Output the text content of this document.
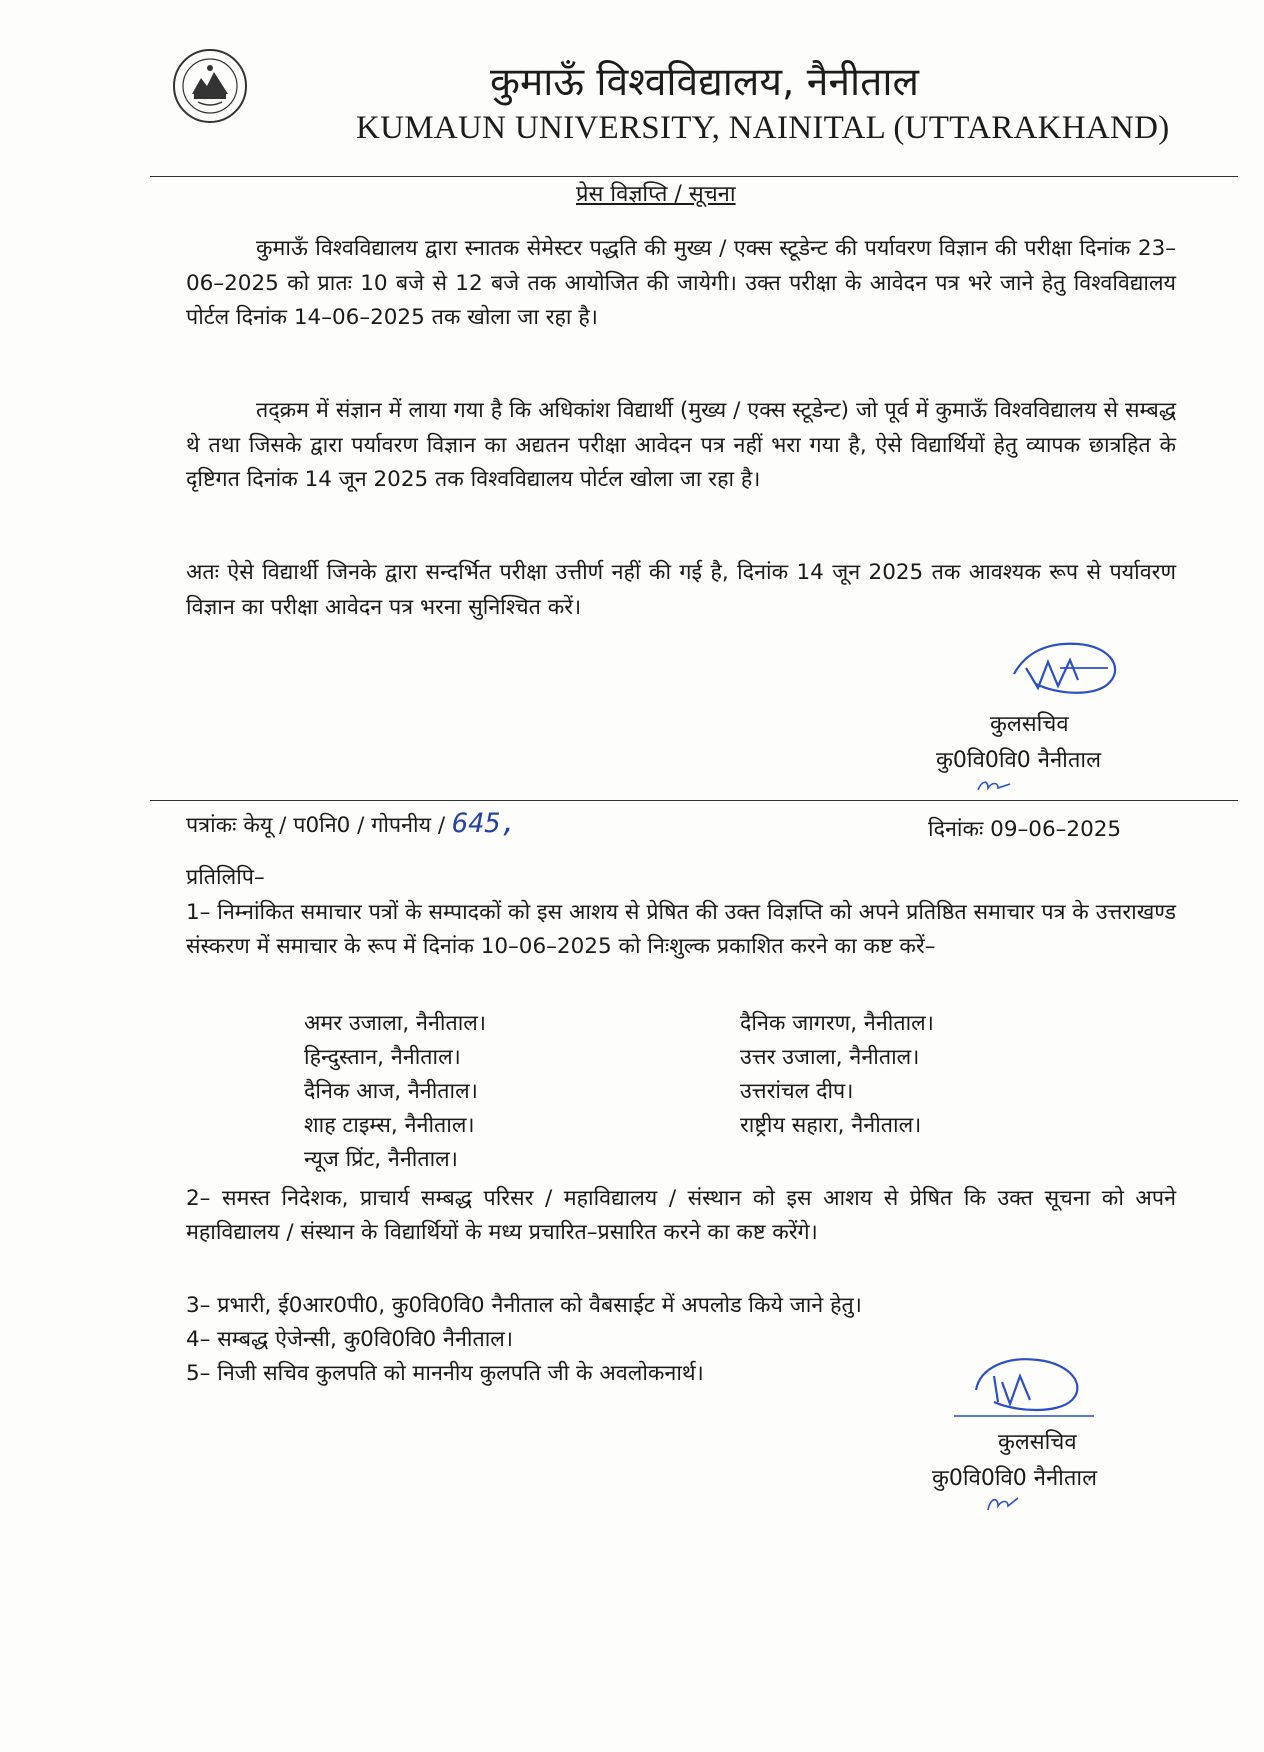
कुमाऊँ विश्वविद्यालय, नैनीताल
KUMAUN UNIVERSITY, NAINITAL (UTTARAKHAND)
प्रेस विज्ञप्ति / सूचना
कुमाऊँ विश्वविद्यालय द्वारा स्नातक सेमेस्टर पद्धति की मुख्य / एक्स स्टूडेन्ट की पर्यावरण विज्ञान की परीक्षा दिनांक 23–06–2025 को प्रातः 10 बजे से 12 बजे तक आयोजित की जायेगी। उक्त परीक्षा के आवेदन पत्र भरे जाने हेतु विश्वविद्यालय पोर्टल दिनांक 14–06–2025 तक खोला जा रहा है।
तद्क्रम में संज्ञान में लाया गया है कि अधिकांश विद्यार्थी (मुख्य / एक्स स्टूडेन्ट) जो पूर्व में कुमाऊँ विश्वविद्यालय से सम्बद्ध थे तथा जिसके द्वारा पर्यावरण विज्ञान का अद्यतन परीक्षा आवेदन पत्र नहीं भरा गया है, ऐसे विद्यार्थियों हेतु व्यापक छात्रहित के दृष्टिगत दिनांक 14 जून 2025 तक विश्वविद्यालय पोर्टल खोला जा रहा है।
अतः ऐसे विद्यार्थी जिनके द्वारा सन्दर्भित परीक्षा उत्तीर्ण नहीं की गई है, दिनांक 14 जून 2025 तक आवश्यक रूप से पर्यावरण विज्ञान का परीक्षा आवेदन पत्र भरना सुनिश्चित करें।
कुलसचिव
कु0वि0वि0 नैनीताल
पत्रांकः केयू / प0नि0 / गोपनीय / 645,	दिनांकः 09–06–2025
प्रतिलिपि–
1– निम्नांकित समाचार पत्रों के सम्पादकों को इस आशय से प्रेषित की उक्त विज्ञप्ति को अपने प्रतिष्ठित समाचार पत्र के उत्तराखण्ड संस्करण में समाचार के रूप में दिनांक 10–06–2025 को निःशुल्क प्रकाशित करने का कष्ट करें–
अमर उजाला, नैनीताल।
हिन्दुस्तान, नैनीताल।
दैनिक आज, नैनीताल।
शाह टाइम्स, नैनीताल।
न्यूज प्रिंट, नैनीताल।
दैनिक जागरण, नैनीताल।
उत्तर उजाला, नैनीताल।
उत्तरांचल दीप।
राष्ट्रीय सहारा, नैनीताल।
2– समस्त निदेशक, प्राचार्य सम्बद्ध परिसर / महाविद्यालय / संस्थान को इस आशय से प्रेषित कि उक्त सूचना को अपने महाविद्यालय / संस्थान के विद्यार्थियों के मध्य प्रचारित–प्रसारित करने का कष्ट करेंगे।
3– प्रभारी, ई0आर0पी0, कु0वि0वि0 नैनीताल को वैबसाईट में अपलोड किये जाने हेतु।
4– सम्बद्ध ऐजेन्सी, कु0वि0वि0 नैनीताल।
5– निजी सचिव कुलपति को माननीय कुलपति जी के अवलोकनार्थ।
कुलसचिव
कु0वि0वि0 नैनीताल
